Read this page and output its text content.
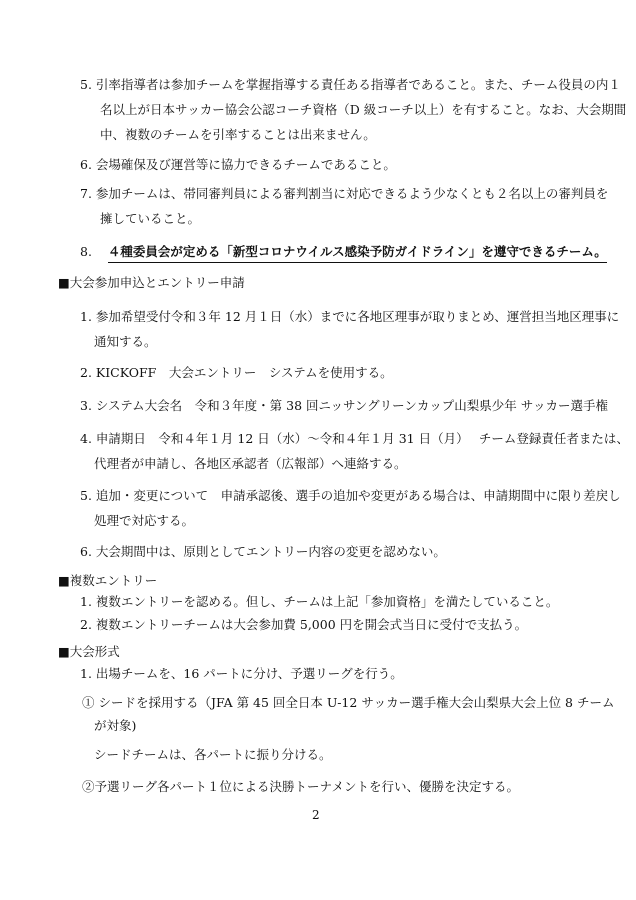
5. 引率指導者は参加チームを掌握指導する責任ある指導者であること。また、チーム役員の内１
名以上が日本サッカー協会公認コーチ資格（D 級コーチ以上）を有すること。なお、大会期間
中、複数のチームを引率することは出来ません。
6. 会場確保及び運営等に協力できるチームであること。
7. 参加チームは、帯同審判員による審判割当に対応できるよう少なくとも２名以上の審判員を
擁していること。
8. ４種委員会が定める「新型コロナウイルス感染予防ガイドライン」を遵守できるチーム。
■大会参加申込とエントリー申請
1. 参加希望受付令和３年 12 月１日（水）までに各地区理事が取りまとめ、運営担当地区理事に
通知する。
2. KICKOFF　大会エントリー　システムを使用する。
3. システム大会名　令和３年度・第 38 回ニッサングリーンカップ山梨県少年 サッカー選手権
4. 申請期日　令和４年１月 12 日（水）～令和４年１月 31 日（月）　 チーム登録責任者または、
代理者が申請し、各地区承認者（広報部）へ連絡する。
5. 追加・変更について　申請承認後、選手の追加や変更がある場合は、申請期間中に限り差戻し
処理で対応する。
6. 大会期間中は、原則としてエントリー内容の変更を認めない。
■複数エントリー
1. 複数エントリーを認める。但し、チームは上記「参加資格」を満たしていること。
2. 複数エントリーチームは大会参加費 5,000 円を開会式当日に受付で支払う。
■大会形式
1. 出場チームを、16 パートに分け、予選リーグを行う。
① シードを採用する（JFA 第 45 回全日本 U-12 サッカー選手権大会山梨県大会上位 8 チーム
が対象)
シードチームは、各パートに振り分ける。
②予選リーグ各パート１位による決勝トーナメントを行い、優勝を決定する。
2
